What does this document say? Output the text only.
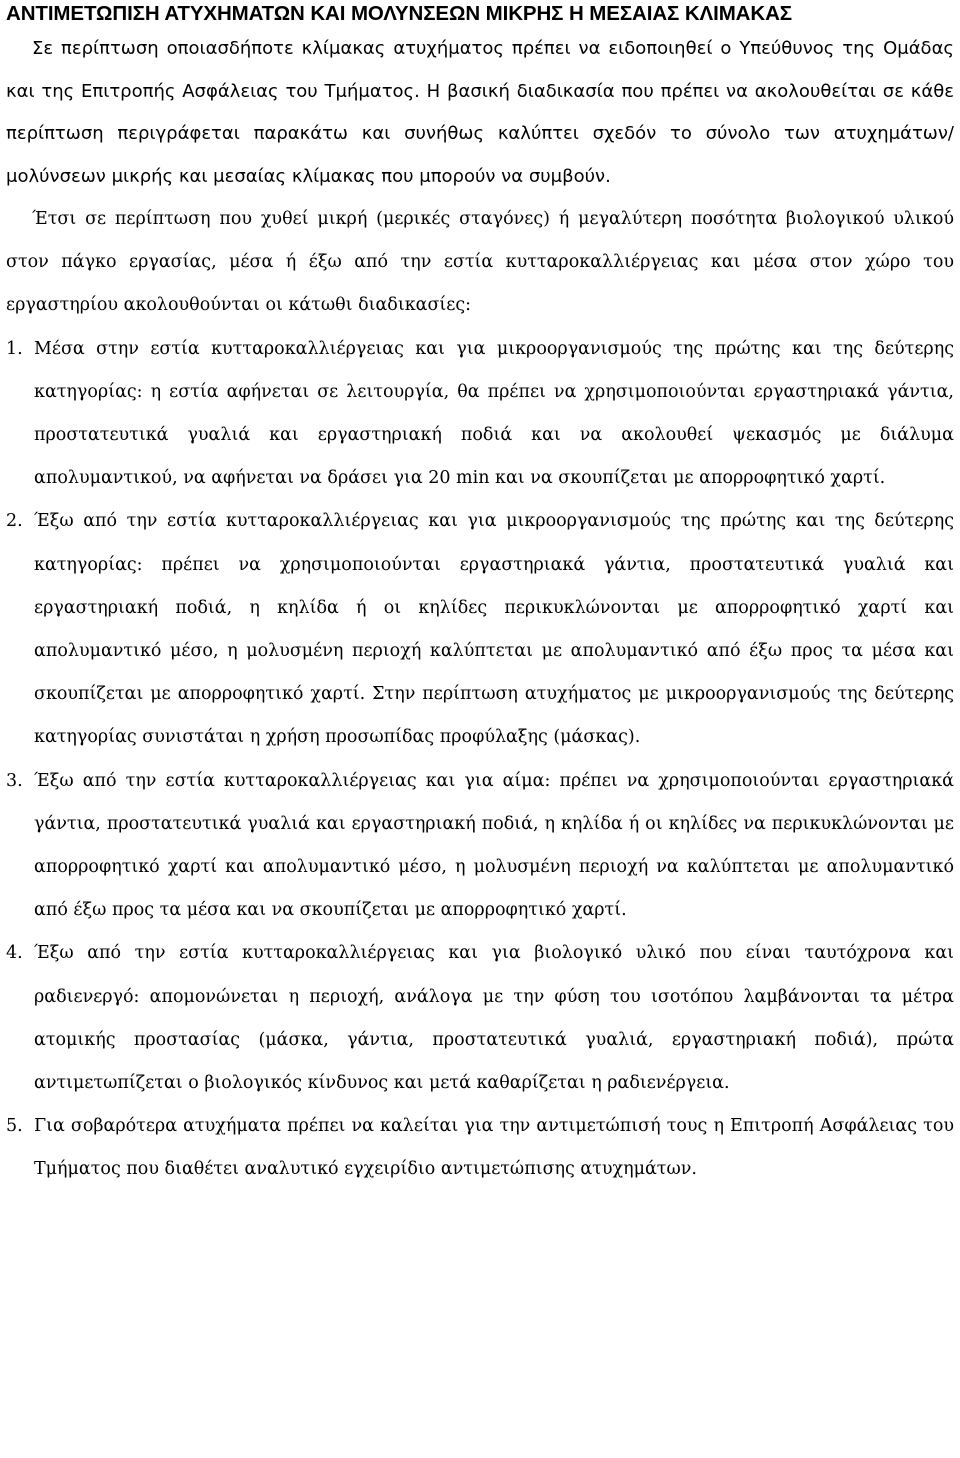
ΑΝΤΙΜΕΤΩΠΙΣΗ ΑΤΥΧΗΜΑΤΩΝ ΚΑΙ ΜΟΛΥΝΣΕΩΝ ΜΙΚΡΗΣ Η ΜΕΣΑΙΑΣ ΚΛΙΜΑΚΑΣ

Σε περίπτωση οποιασδήποτε κλίμακας ατυχήματος πρέπει να ειδοποιηθεί ο Υπεύθυνος της Ομάδας και της Επιτροπής Ασφάλειας του Τμήματος. Η βασική διαδικασία που πρέπει να ακολουθείται σε κάθε περίπτωση περιγράφεται παρακάτω και συνήθως καλύπτει σχεδόν το σύνολο των ατυχημάτων/μολύνσεων μικρής και μεσαίας κλίμακας που μπορούν να συμβούν.

Έτσι σε περίπτωση που χυθεί μικρή (μερικές σταγόνες) ή μεγαλύτερη ποσότητα βιολογικού υλικού στον πάγκο εργασίας, μέσα ή έξω από την εστία κυτταροκαλλιέργειας και μέσα στον χώρο του εργαστηρίου ακολουθούνται οι κάτωθι διαδικασίες:

1. Μέσα στην εστία κυτταροκαλλιέργειας και για μικροοργανισμούς της πρώτης και της δεύτερης κατηγορίας: η εστία αφήνεται σε λειτουργία, θα πρέπει να χρησιμοποιούνται εργαστηριακά γάντια, προστατευτικά γυαλιά και εργαστηριακή ποδιά και να ακολουθεί ψεκασμός με διάλυμα απολυμαντικού, να αφήνεται να δράσει για 20 min και να σκουπίζεται με απορροφητικό χαρτί.
2. Έξω από την εστία κυτταροκαλλιέργειας και για μικροοργανισμούς της πρώτης και της δεύτερης κατηγορίας: πρέπει να χρησιμοποιούνται εργαστηριακά γάντια, προστατευτικά γυαλιά και εργαστηριακή ποδιά, η κηλίδα ή οι κηλίδες περικυκλώνονται με απορροφητικό χαρτί και απολυμαντικό μέσο, η μολυσμένη περιοχή καλύπτεται με απολυμαντικό από έξω προς τα μέσα και σκουπίζεται με απορροφητικό χαρτί. Στην περίπτωση ατυχήματος με μικροοργανισμούς της δεύτερης κατηγορίας συνιστάται η χρήση προσωπίδας προφύλαξης (μάσκας).
3. Έξω από την εστία κυτταροκαλλιέργειας και για αίμα: πρέπει να χρησιμοποιούνται εργαστηριακά γάντια, προστατευτικά γυαλιά και εργαστηριακή ποδιά, η κηλίδα ή οι κηλίδες να περικυκλώνονται με απορροφητικό χαρτί και απολυμαντικό μέσο, η μολυσμένη περιοχή να καλύπτεται με απολυμαντικό από έξω προς τα μέσα και να σκουπίζεται με απορροφητικό χαρτί.
4. Έξω από την εστία κυτταροκαλλιέργειας και για βιολογικό υλικό που είναι ταυτόχρονα και ραδιενεργό: απομονώνεται η περιοχή, ανάλογα με την φύση του ισοτόπου λαμβάνονται τα μέτρα ατομικής προστασίας (μάσκα, γάντια, προστατευτικά γυαλιά, εργαστηριακή ποδιά), πρώτα αντιμετωπίζεται ο βιολογικός κίνδυνος και μετά καθαρίζεται η ραδιενέργεια.
5. Για σοβαρότερα ατυχήματα πρέπει να καλείται για την αντιμετώπισή τους η Επιτροπή Ασφάλειας του Τμήματος που διαθέτει αναλυτικό εγχειρίδιο αντιμετώπισης ατυχημάτων.
